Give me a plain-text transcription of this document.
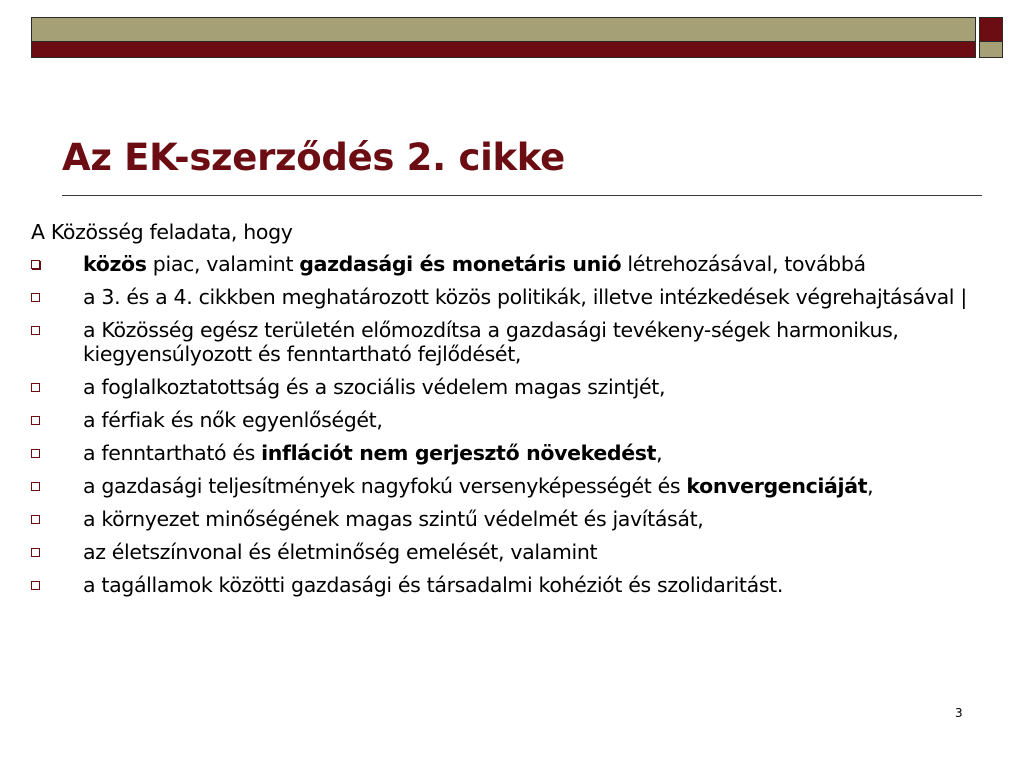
Az EK-szerződés 2. cikke

A Közösség feladata, hogy

közös piac, valamint gazdasági és monetáris unió létrehozásával, továbbá
a 3. és a 4. cikkben meghatározott közös politikák, illetve intézkedések végrehajtásával |
a Közösség egész területén előmozdítsa a gazdasági tevékeny-ségek harmonikus, kiegyensúlyozott és fenntartható fejlődését,
a foglalkoztatottság és a szociális védelem magas szintjét,
a férfiak és nők egyenlőségét,
a fenntartható és inflációt nem gerjesztő növekedést,
a gazdasági teljesítmények nagyfokú versenyképességét és konvergenciáját,
a környezet minőségének magas szintű védelmét és javítását,
az életszínvonal és életminőség emelését, valamint
a tagállamok közötti gazdasági és társadalmi kohéziót és szolidaritást.
3
